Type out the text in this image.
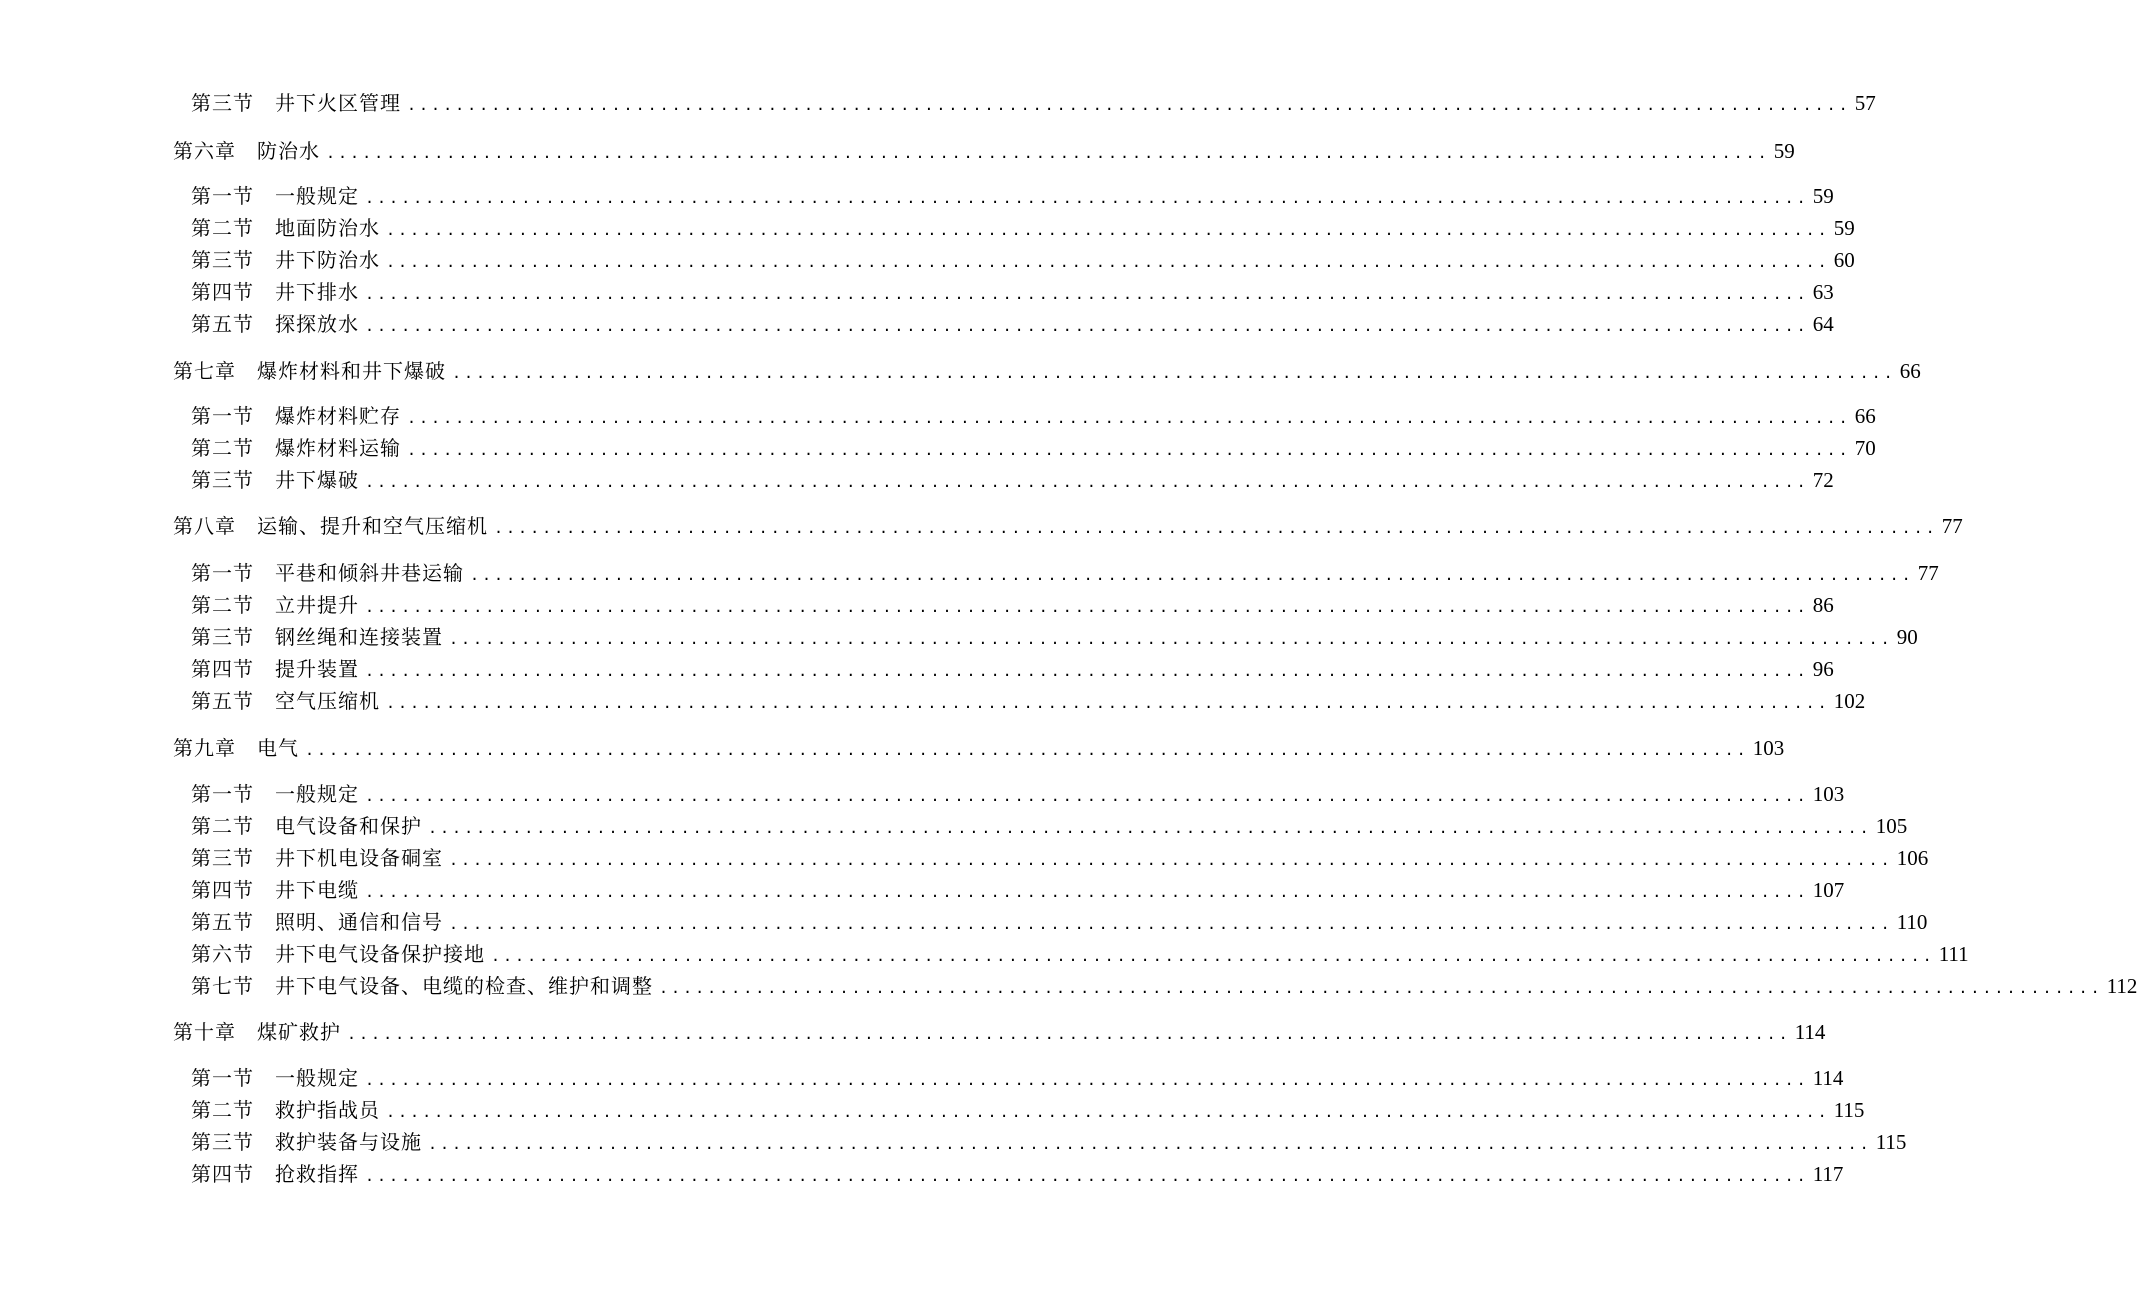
第三节	井下火区管理 ........................................................................................................................ 57
第六章	防治水 ........................................................................................................................ 59
第一节	一般规定 ........................................................................................................................ 59
第二节	地面防治水 ........................................................................................................................ 59
第三节	井下防治水 ........................................................................................................................ 60
第四节	井下排水 ........................................................................................................................ 63
第五节	探探放水 ........................................................................................................................ 64
第七章	爆炸材料和井下爆破 ........................................................................................................................ 66
第一节	爆炸材料贮存 ........................................................................................................................ 66
第二节	爆炸材料运输 ........................................................................................................................ 70
第三节	井下爆破 ........................................................................................................................ 72
第八章	运输、提升和空气压缩机 ........................................................................................................................ 77
第一节	平巷和倾斜井巷运输 ........................................................................................................................ 77
第二节	立井提升 ........................................................................................................................ 86
第三节	钢丝绳和连接装置 ........................................................................................................................ 90
第四节	提升装置 ........................................................................................................................ 96
第五节	空气压缩机 ........................................................................................................................ 102
第九章	电气 ........................................................................................................................ 103
第一节	一般规定 ........................................................................................................................ 103
第二节	电气设备和保护 ........................................................................................................................ 105
第三节	井下机电设备硐室 ........................................................................................................................ 106
第四节	井下电缆 ........................................................................................................................ 107
第五节	照明、通信和信号 ........................................................................................................................ 110
第六节	井下电气设备保护接地 ........................................................................................................................ 111
第七节	井下电气设备、电缆的检查、维护和调整 ........................................................................................................................ 112
第十章	煤矿救护 ........................................................................................................................ 114
第一节	一般规定 ........................................................................................................................ 114
第二节	救护指战员 ........................................................................................................................ 115
第三节	救护装备与设施 ........................................................................................................................ 115
第四节	抢救指挥 ........................................................................................................................ 117
